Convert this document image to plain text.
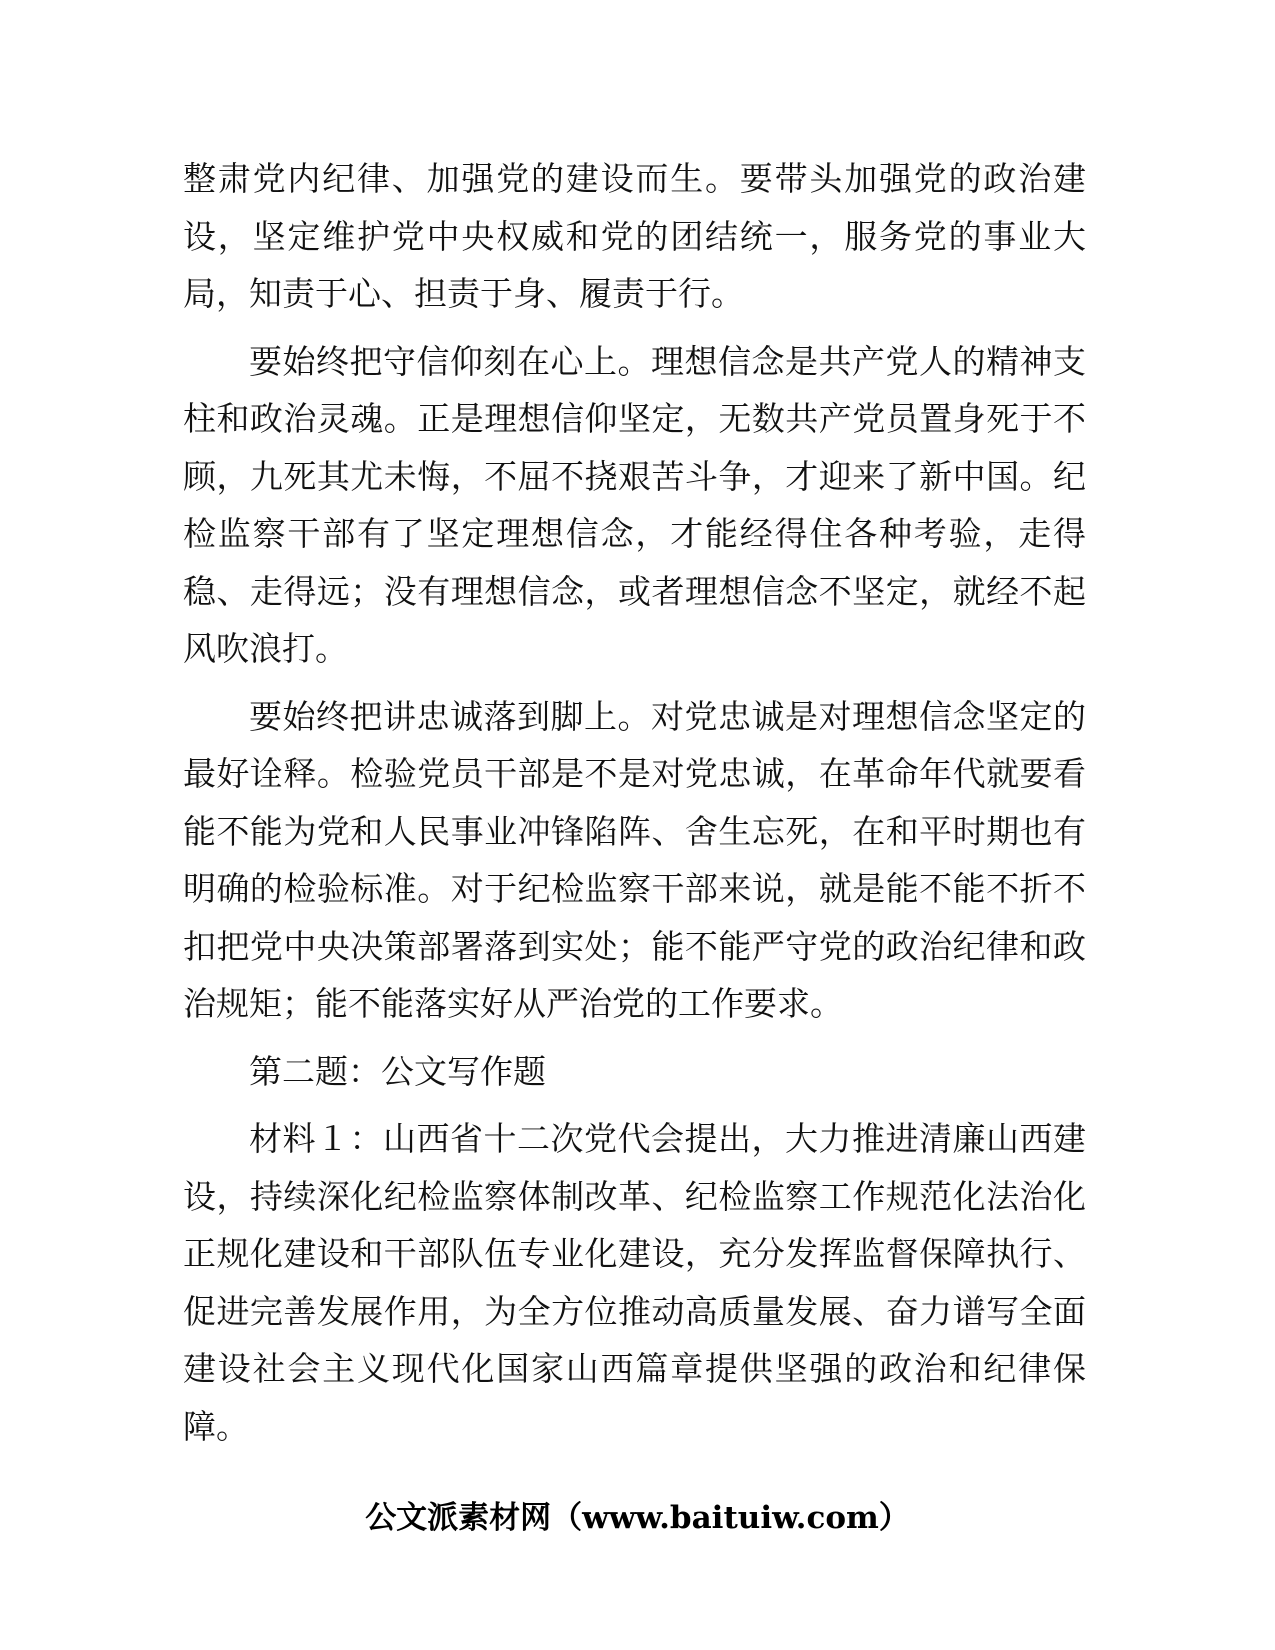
整肃党内纪律、加强党的建设而生。要带头加强党的政治建设，坚定维护党中央权威和党的团结统一，服务党的事业大局，知责于心、担责于身、履责于行。

要始终把守信仰刻在心上。理想信念是共产党人的精神支柱和政治灵魂。正是理想信仰坚定，无数共产党员置身死于不顾，九死其尤未悔，不屈不挠艰苦斗争，才迎来了新中国。纪检监察干部有了坚定理想信念，才能经得住各种考验，走得稳、走得远；没有理想信念，或者理想信念不坚定，就经不起风吹浪打。

要始终把讲忠诚落到脚上。对党忠诚是对理想信念坚定的最好诠释。检验党员干部是不是对党忠诚，在革命年代就要看能不能为党和人民事业冲锋陷阵、舍生忘死，在和平时期也有明确的检验标准。对于纪检监察干部来说，就是能不能不折不扣把党中央决策部署落到实处；能不能严守党的政治纪律和政治规矩；能不能落实好从严治党的工作要求。

第二题：公文写作题

材料１：山西省十二次党代会提出，大力推进清廉山西建设，持续深化纪检监察体制改革、纪检监察工作规范化法治化正规化建设和干部队伍专业化建设，充分发挥监督保障执行、促进完善发展作用，为全方位推动高质量发展、奋力谱写全面建设社会主义现代化国家山西篇章提供坚强的政治和纪律保障。

公文派素材网（www.baituiw.com）
